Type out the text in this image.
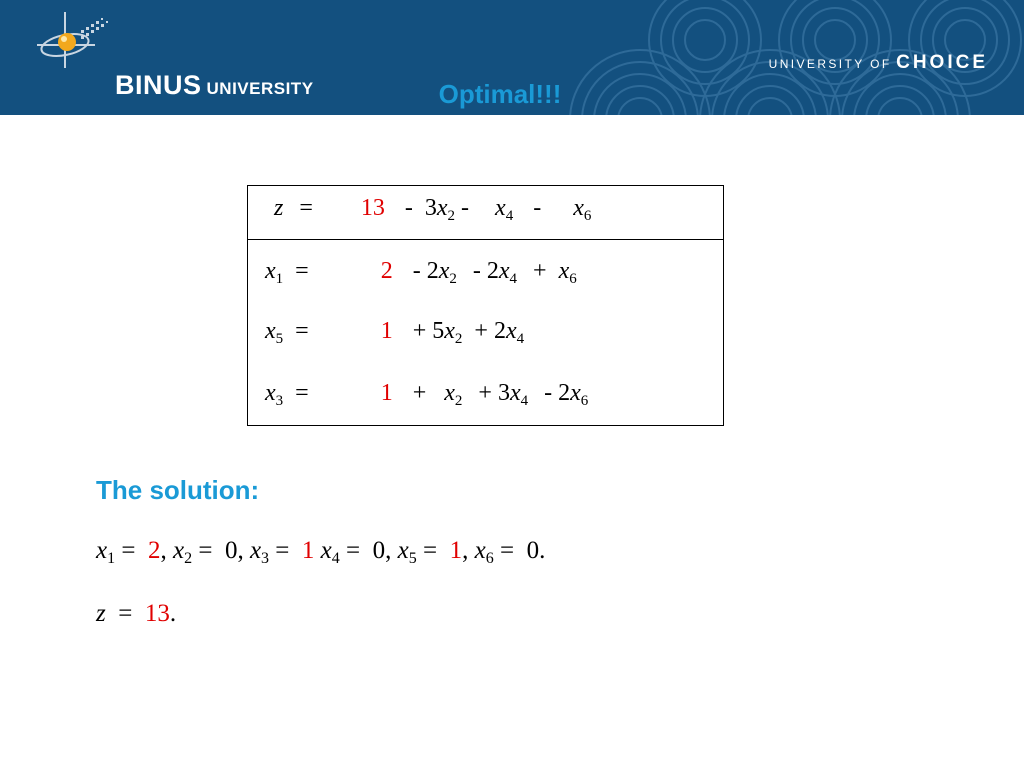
BINUS UNIVERSITY
UNIVERSITY OF CHOICE
Optimal!!!
$z = 13 - 3x_2 - x_4 - x_6$
$x_1$ =	$2 - 2x_2 - 2x_4 + x_6$
$x_5$ =	$1 + 5x_2 + 2x_4$
$x_3$ =	$1 + x_2 + 3x_4 - 2x_6$
The solution:
$x_1 = 2$, $x_2 = 0$, $x_3 = 1$ $x_4 = 0$, $x_5 = 1$, $x_6 = 0$.
z  =  13.
